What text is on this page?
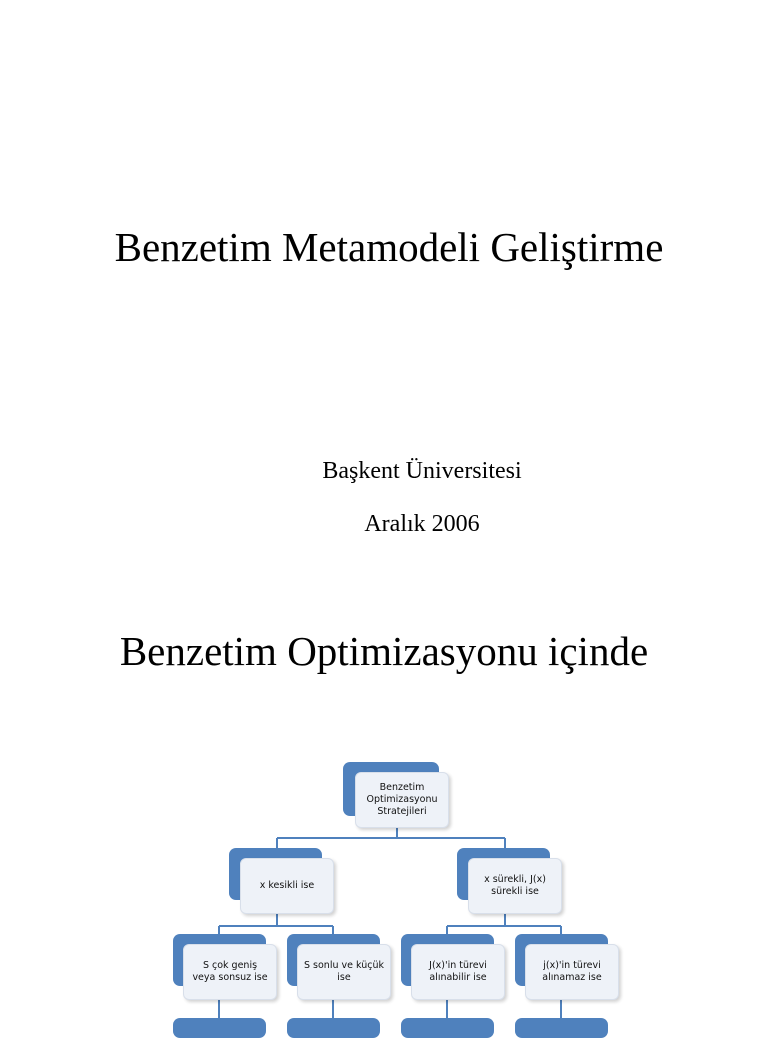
Benzetim Metamodeli Geliştirme
Başkent Üniversitesi
Aralık 2006
Benzetim Optimizasyonu içinde
Benzetim Optimizasyonu Stratejileri
x kesikli ise
x sürekli, J(x) sürekli ise
S çok geniş veya sonsuz ise
S sonlu ve küçük ise
J(x)'in türevi alınabilir ise
j(x)'in türevi alınamaz ise
